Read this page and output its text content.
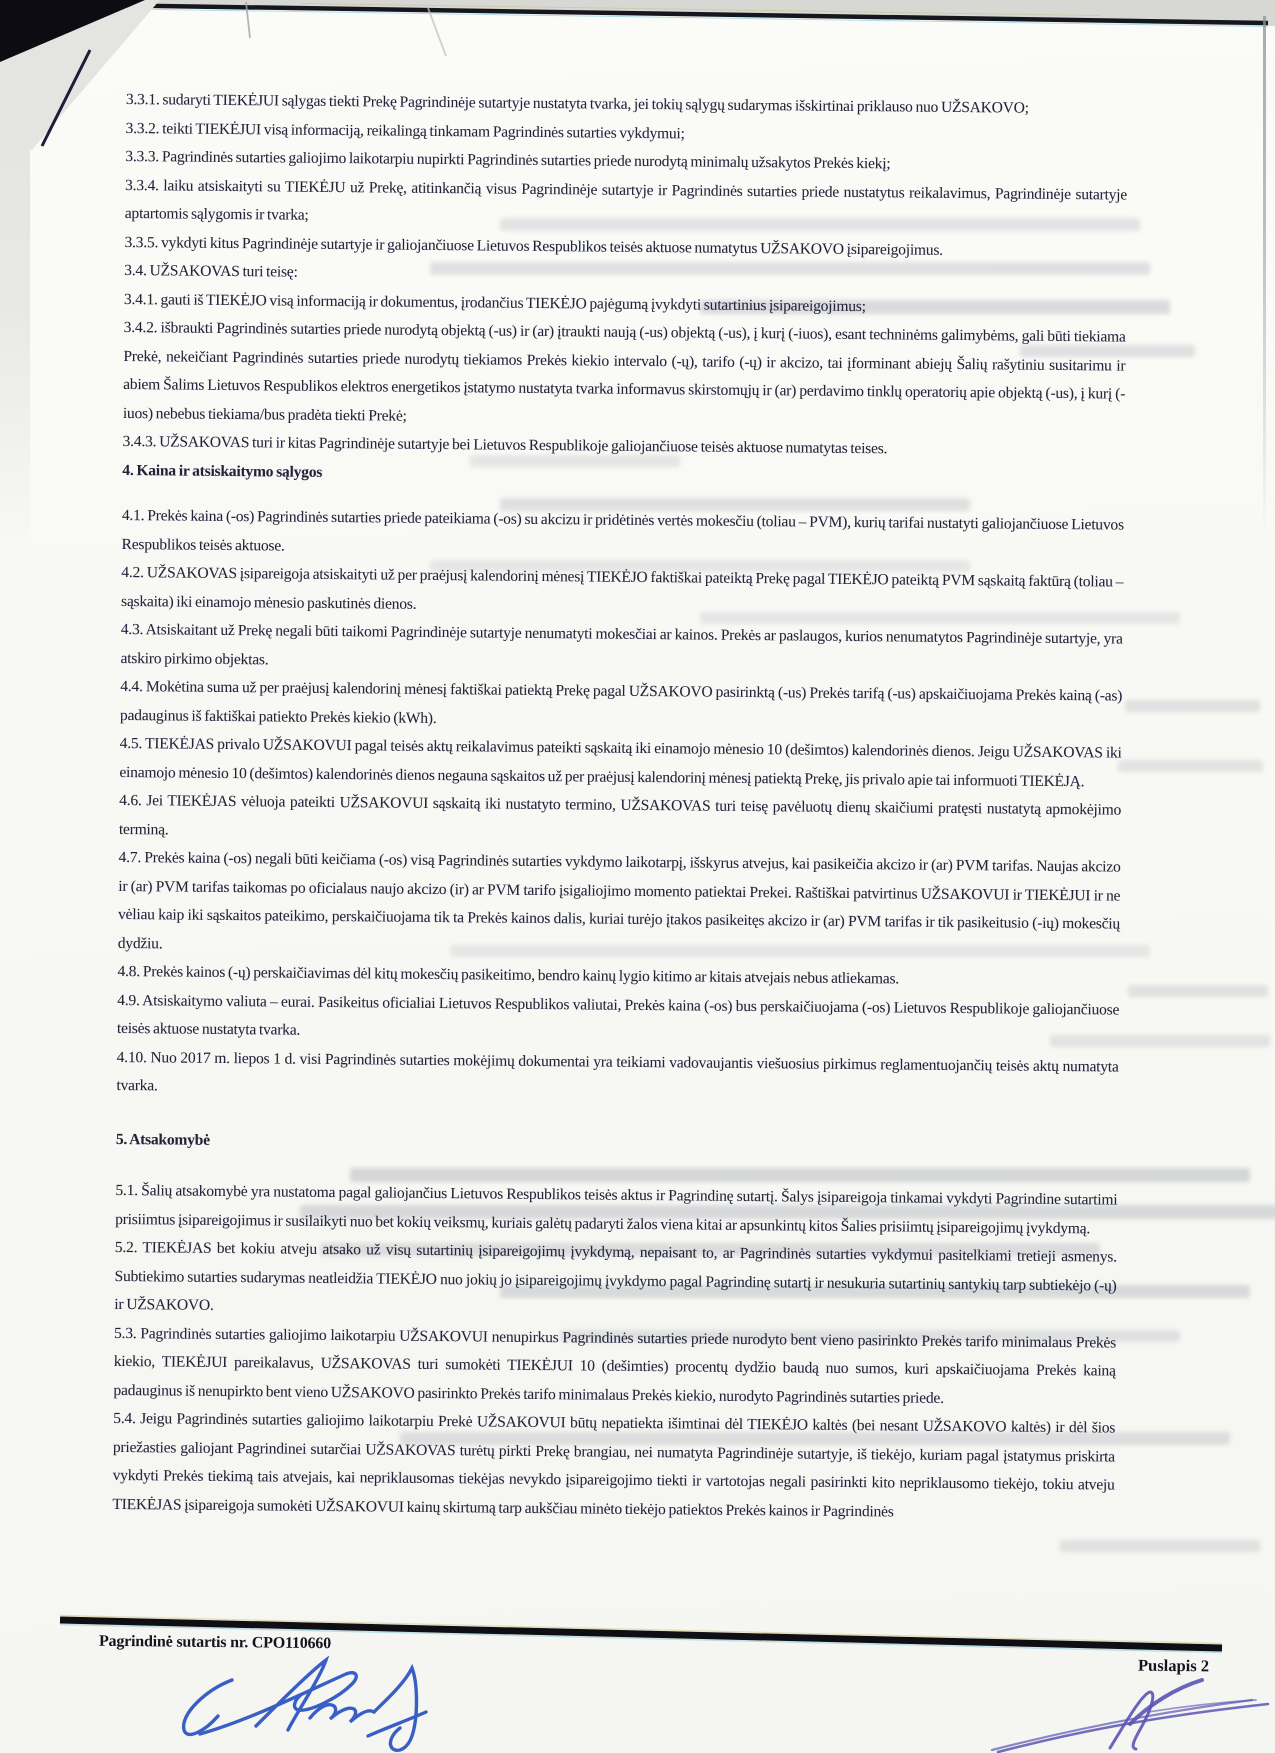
3.3.1. sudaryti TIEKĖJUI sąlygas tiekti Prekę Pagrindinėje sutartyje nustatyta tvarka, jei tokių sąlygų sudarymas išskirtinai priklauso nuo UŽSAKOVO;

3.3.2. teikti TIEKĖJUI visą informaciją, reikalingą tinkamam Pagrindinės sutarties vykdymui;

3.3.3. Pagrindinės sutarties galiojimo laikotarpiu nupirkti Pagrindinės sutarties priede nurodytą minimalų užsakytos Prekės kiekį;

3.3.4. laiku atsiskaityti su TIEKĖJU už Prekę, atitinkančią visus Pagrindinėje sutartyje ir Pagrindinės sutarties priede nustatytus reikalavimus, Pagrindinėje sutartyje aptartomis sąlygomis ir tvarka;

3.3.5. vykdyti kitus Pagrindinėje sutartyje ir galiojančiuose Lietuvos Respublikos teisės aktuose numatytus UŽSAKOVO įsipareigojimus.

3.4. UŽSAKOVAS turi teisę:

3.4.1. gauti iš TIEKĖJO visą informaciją ir dokumentus, įrodančius TIEKĖJO pajėgumą įvykdyti sutartinius įsipareigojimus;

3.4.2. išbraukti Pagrindinės sutarties priede nurodytą objektą (-us) ir (ar) įtraukti naują (-us) objektą (-us), į kurį (-iuos), esant techninėms galimybėms, gali būti tiekiama Prekė, nekeičiant Pagrindinės sutarties priede nurodytų tiekiamos Prekės kiekio intervalo (-ų), tarifo (-ų) ir akcizo, tai įforminant abiejų Šalių rašytiniu susitarimu ir abiem Šalims Lietuvos Respublikos elektros energetikos įstatymo nustatyta tvarka informavus skirstomųjų ir (ar) perdavimo tinklų operatorių apie objektą (-us), į kurį (-iuos) nebebus tiekiama/bus pradėta tiekti Prekė;

3.4.3. UŽSAKOVAS turi ir kitas Pagrindinėje sutartyje bei Lietuvos Respublikoje galiojančiuose teisės aktuose numatytas teises.

4. Kaina ir atsiskaitymo sąlygos

4.1. Prekės kaina (-os) Pagrindinės sutarties priede pateikiama (-os) su akcizu ir pridėtinės vertės mokesčiu (toliau – PVM), kurių tarifai nustatyti galiojančiuose Lietuvos Respublikos teisės aktuose.

4.2. UŽSAKOVAS įsipareigoja atsiskaityti už per praėjusį kalendorinį mėnesį TIEKĖJO faktiškai pateiktą Prekę pagal TIEKĖJO pateiktą PVM sąskaitą faktūrą (toliau – sąskaita) iki einamojo mėnesio paskutinės dienos.

4.3. Atsiskaitant už Prekę negali būti taikomi Pagrindinėje sutartyje nenumatyti mokesčiai ar kainos. Prekės ar paslaugos, kurios nenumatytos Pagrindinėje sutartyje, yra atskiro pirkimo objektas.

4.4. Mokėtina suma už per praėjusį kalendorinį mėnesį faktiškai patiektą Prekę pagal UŽSAKOVO pasirinktą (-us) Prekės tarifą (-us) apskaičiuojama Prekės kainą (-as) padauginus iš faktiškai patiekto Prekės kiekio (kWh).

4.5. TIEKĖJAS privalo UŽSAKOVUI pagal teisės aktų reikalavimus pateikti sąskaitą iki einamojo mėnesio 10 (dešimtos) kalendorinės dienos. Jeigu UŽSAKOVAS iki einamojo mėnesio 10 (dešimtos) kalendorinės dienos negauna sąskaitos už per praėjusį kalendorinį mėnesį patiektą Prekę, jis privalo apie tai informuoti TIEKĖJĄ.

4.6. Jei TIEKĖJAS vėluoja pateikti UŽSAKOVUI sąskaitą iki nustatyto termino, UŽSAKOVAS turi teisę pavėluotų dienų skaičiumi pratęsti nustatytą apmokėjimo terminą.

4.7. Prekės kaina (-os) negali būti keičiama (-os) visą Pagrindinės sutarties vykdymo laikotarpį, išskyrus atvejus, kai pasikeičia akcizo ir (ar) PVM tarifas. Naujas akcizo ir (ar) PVM tarifas taikomas po oficialaus naujo akcizo (ir) ar PVM tarifo įsigaliojimo momento patiektai Prekei. Raštiškai patvirtinus UŽSAKOVUI ir TIEKĖJUI ir ne vėliau kaip iki sąskaitos pateikimo, perskaičiuojama tik ta Prekės kainos dalis, kuriai turėjo įtakos pasikeitęs akcizo ir (ar) PVM tarifas ir tik pasikeitusio (-ių) mokesčių dydžiu.

4.8. Prekės kainos (-ų) perskaičiavimas dėl kitų mokesčių pasikeitimo, bendro kainų lygio kitimo ar kitais atvejais nebus atliekamas.

4.9. Atsiskaitymo valiuta – eurai. Pasikeitus oficialiai Lietuvos Respublikos valiutai, Prekės kaina (-os) bus perskaičiuojama (-os) Lietuvos Respublikoje galiojančiuose teisės aktuose nustatyta tvarka.

4.10. Nuo 2017 m. liepos 1 d. visi Pagrindinės sutarties mokėjimų dokumentai yra teikiami vadovaujantis viešuosius pirkimus reglamentuojančių teisės aktų numatyta tvarka.

5. Atsakomybė

5.1. Šalių atsakomybė yra nustatoma pagal galiojančius Lietuvos Respublikos teisės aktus ir Pagrindinę sutartį. Šalys įsipareigoja tinkamai vykdyti Pagrindine sutartimi prisiimtus įsipareigojimus ir susilaikyti nuo bet kokių veiksmų, kuriais galėtų padaryti žalos viena kitai ar apsunkintų kitos Šalies prisiimtų įsipareigojimų įvykdymą.

5.2. TIEKĖJAS bet kokiu atveju atsako už visų sutartinių įsipareigojimų įvykdymą, nepaisant to, ar Pagrindinės sutarties vykdymui pasitelkiami tretieji asmenys. Subtiekimo sutarties sudarymas neatleidžia TIEKĖJO nuo jokių jo įsipareigojimų įvykdymo pagal Pagrindinę sutartį ir nesukuria sutartinių santykių tarp subtiekėjo (-ų) ir UŽSAKOVO.

5.3. Pagrindinės sutarties galiojimo laikotarpiu UŽSAKOVUI nenupirkus Pagrindinės sutarties priede nurodyto bent vieno pasirinkto Prekės tarifo minimalaus Prekės kiekio, TIEKĖJUI pareikalavus, UŽSAKOVAS turi sumokėti TIEKĖJUI 10 (dešimties) procentų dydžio baudą nuo sumos, kuri apskaičiuojama Prekės kainą padauginus iš nenupirkto bent vieno UŽSAKOVO pasirinkto Prekės tarifo minimalaus Prekės kiekio, nurodyto Pagrindinės sutarties priede.

5.4. Jeigu Pagrindinės sutarties galiojimo laikotarpiu Prekė UŽSAKOVUI būtų nepatiekta išimtinai dėl TIEKĖJO kaltės (bei nesant UŽSAKOVO kaltės) ir dėl šios priežasties galiojant Pagrindinei sutarčiai UŽSAKOVAS turėtų pirkti Prekę brangiau, nei numatyta Pagrindinėje sutartyje, iš tiekėjo, kuriam pagal įstatymus priskirta vykdyti Prekės tiekimą tais atvejais, kai nepriklausomas tiekėjas nevykdo įsipareigojimo tiekti ir vartotojas negali pasirinkti kito nepriklausomo tiekėjo, tokiu atveju TIEKĖJAS įsipareigoja sumokėti UŽSAKOVUI kainų skirtumą tarp aukščiau minėto tiekėjo patiektos Prekės kainos ir Pagrindinės

Pagrindinė sutartis nr. CPO110660
Puslapis 2
